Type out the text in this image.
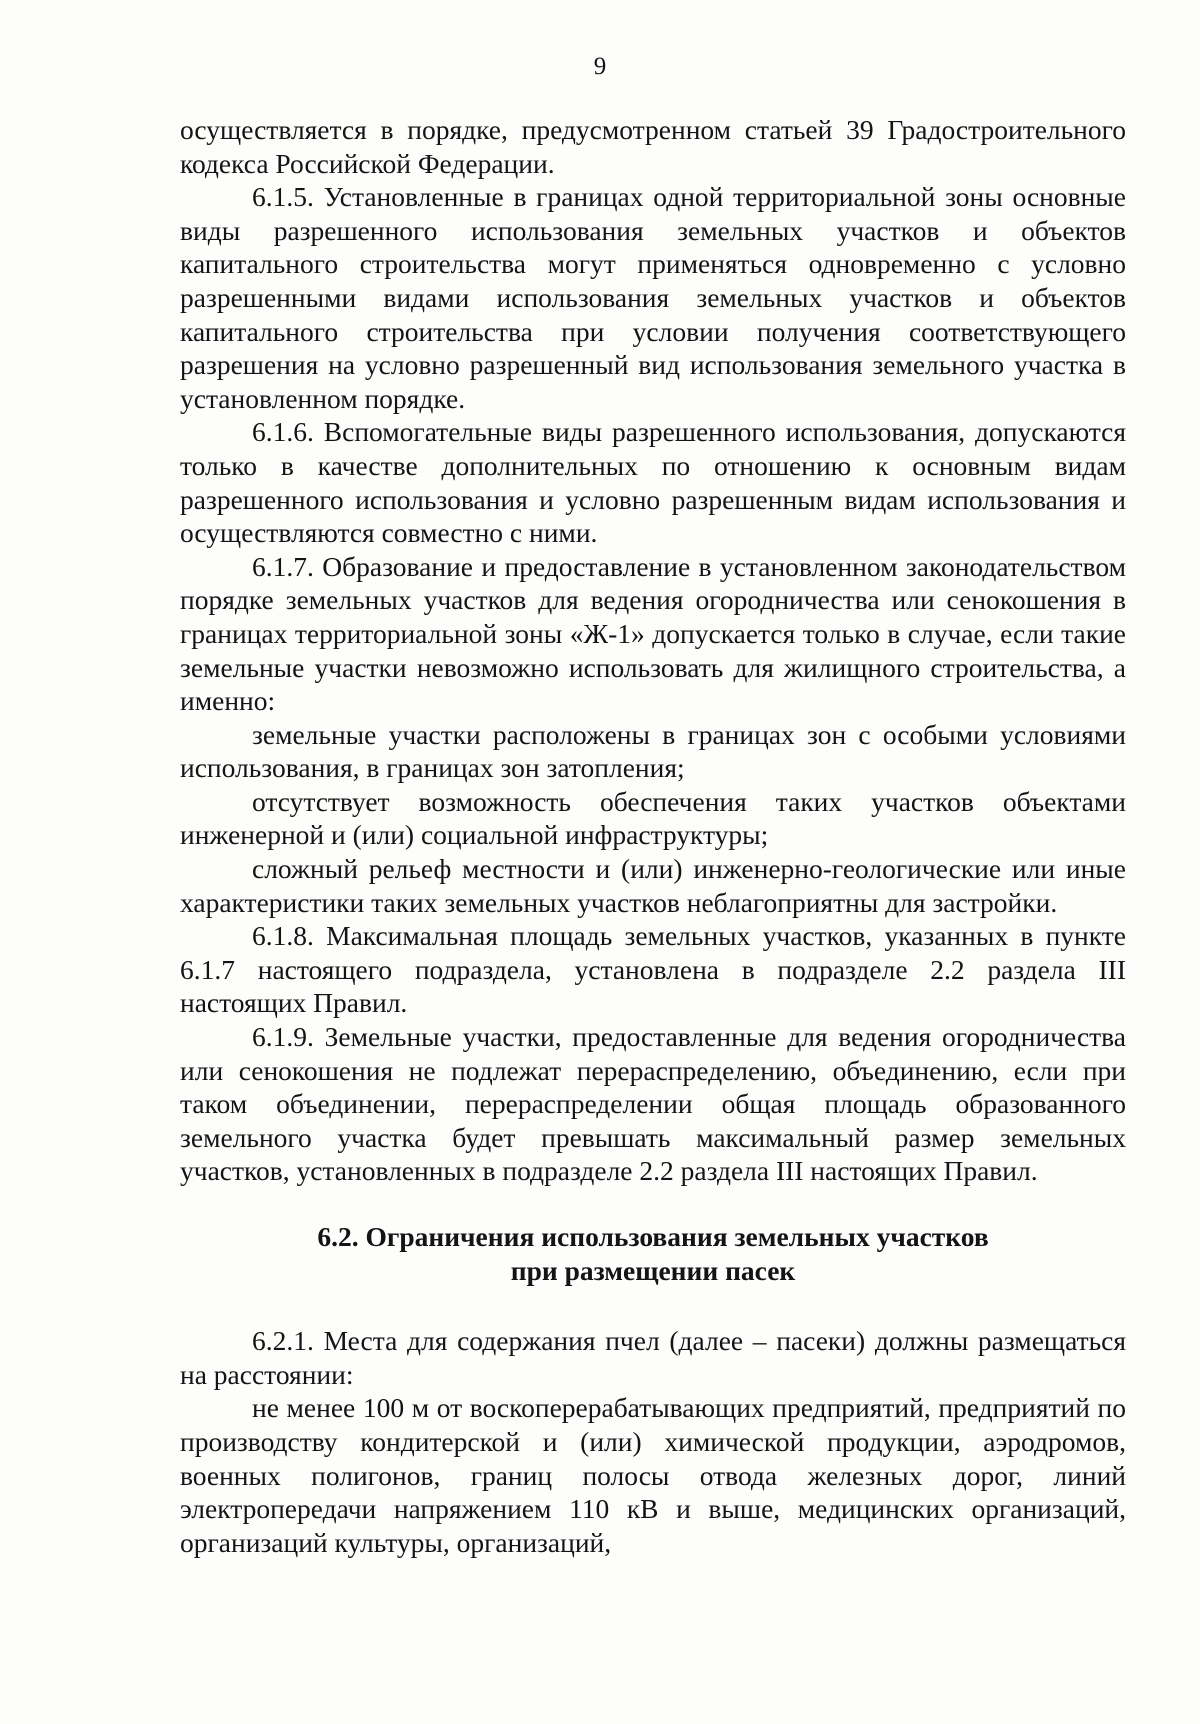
9

осуществляется в порядке, предусмотренном статьей 39 Градостроительного кодекса Российской Федерации.

6.1.5. Установленные в границах одной территориальной зоны основные виды разрешенного использования земельных участков и объектов капитального строительства могут применяться одновременно с условно разрешенными видами использования земельных участков и объектов капитального строительства при условии получения соответствующего разрешения на условно разрешенный вид использования земельного участка в установленном порядке.

6.1.6. Вспомогательные виды разрешенного использования, допускаются только в качестве дополнительных по отношению к основным видам разрешенного использования и условно разрешенным видам использования и осуществляются совместно с ними.

6.1.7. Образование и предоставление в установленном законодательством порядке земельных участков для ведения огородничества или сенокошения в границах территориальной зоны «Ж-1» допускается только в случае, если такие земельные участки невозможно использовать для жилищного строительства, а именно:

земельные участки расположены в границах зон с особыми условиями использования, в границах зон затопления;

отсутствует возможность обеспечения таких участков объектами инженерной и (или) социальной инфраструктуры;

сложный рельеф местности и (или) инженерно-геологические или иные характеристики таких земельных участков неблагоприятны для застройки.

6.1.8. Максимальная площадь земельных участков, указанных в пункте 6.1.7 настоящего подраздела, установлена в подразделе 2.2 раздела III настоящих Правил.

6.1.9. Земельные участки, предоставленные для ведения огородничества или сенокошения не подлежат перераспределению, объединению, если при таком объединении, перераспределении общая площадь образованного земельного участка будет превышать максимальный размер земельных участков, установленных в подразделе 2.2 раздела III настоящих Правил.

6.2. Ограничения использования земельных участков
при размещении пасек

6.2.1. Места для содержания пчел (далее – пасеки) должны размещаться на расстоянии:

не менее 100 м от воскоперерабатывающих предприятий, предприятий по производству кондитерской и (или) химической продукции, аэродромов, военных полигонов, границ полосы отвода железных дорог, линий электропередачи напряжением 110 кВ и выше, медицинских организаций, организаций культуры, организаций,
